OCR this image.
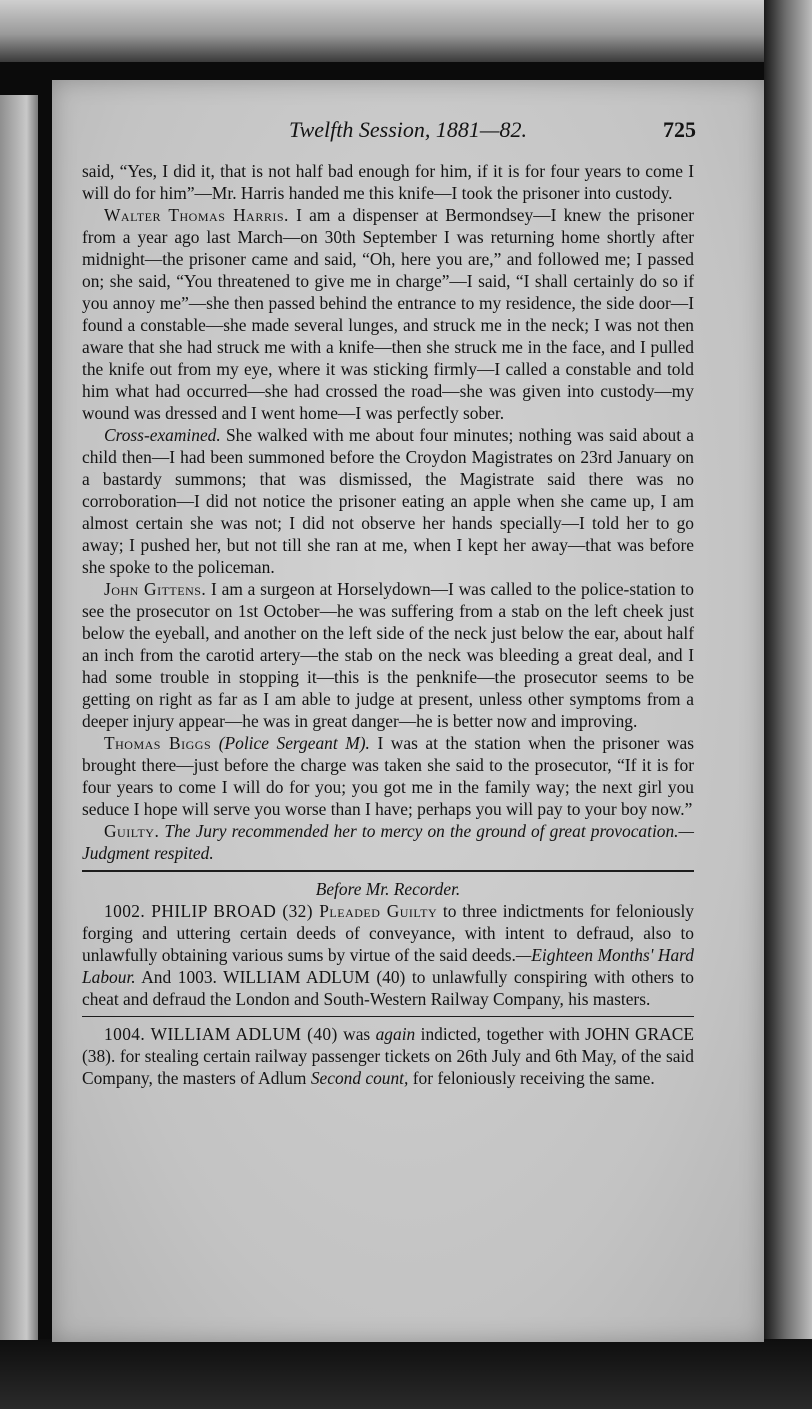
Twelfth Session, 1881—82.	725

said, “Yes, I did it, that is not half bad enough for him, if it is for four years to come I will do for him”—Mr. Harris handed me this knife—I took the prisoner into custody.

Walter Thomas Harris. I am a dispenser at Bermondsey—I knew the prisoner from a year ago last March—on 30th September I was returning home shortly after midnight—the prisoner came and said, “Oh, here you are,” and followed me; I passed on; she said, “You threatened to give me in charge”—I said, “I shall certainly do so if you annoy me”—she then passed behind the entrance to my residence, the side door—I found a constable—she made several lunges, and struck me in the neck; I was not then aware that she had struck me with a knife—then she struck me in the face, and I pulled the knife out from my eye, where it was sticking firmly—I called a constable and told him what had occurred—she had crossed the road—she was given into custody—my wound was dressed and I went home—I was perfectly sober.

Cross-examined. She walked with me about four minutes; nothing was said about a child then—I had been summoned before the Croydon Magistrates on 23rd January on a bastardy summons; that was dismissed, the Magistrate said there was no corroboration—I did not notice the prisoner eating an apple when she came up, I am almost certain she was not; I did not observe her hands specially—I told her to go away; I pushed her, but not till she ran at me, when I kept her away—that was before she spoke to the policeman.

John Gittens. I am a surgeon at Horselydown—I was called to the police-station to see the prosecutor on 1st October—he was suffering from a stab on the left cheek just below the eyeball, and another on the left side of the neck just below the ear, about half an inch from the carotid artery—the stab on the neck was bleeding a great deal, and I had some trouble in stopping it—this is the penknife—the prosecutor seems to be getting on right as far as I am able to judge at present, unless other symptoms from a deeper injury appear—he was in great danger—he is better now and improving.

Thomas Biggs (Police Sergeant M). I was at the station when the prisoner was brought there—just before the charge was taken she said to the prosecutor, “If it is for four years to come I will do for you; you got me in the family way; the next girl you seduce I hope will serve you worse than I have; perhaps you will pay to your boy now.”

Guilty. The Jury recommended her to mercy on the ground of great provocation.—Judgment respited.

Before Mr. Recorder.

1002. PHILIP BROAD (32) Pleaded Guilty to three indictments for feloniously forging and uttering certain deeds of conveyance, with intent to defraud, also to unlawfully obtaining various sums by virtue of the said deeds.—Eighteen Months' Hard Labour. And 1003. WILLIAM ADLUM (40) to unlawfully conspiring with others to cheat and defraud the London and South-Western Railway Company, his masters.

1004. WILLIAM ADLUM (40) was again indicted, together with JOHN GRACE (38). for stealing certain railway passenger tickets on 26th July and 6th May, of the said Company, the masters of Adlum Second count, for feloniously receiving the same.
